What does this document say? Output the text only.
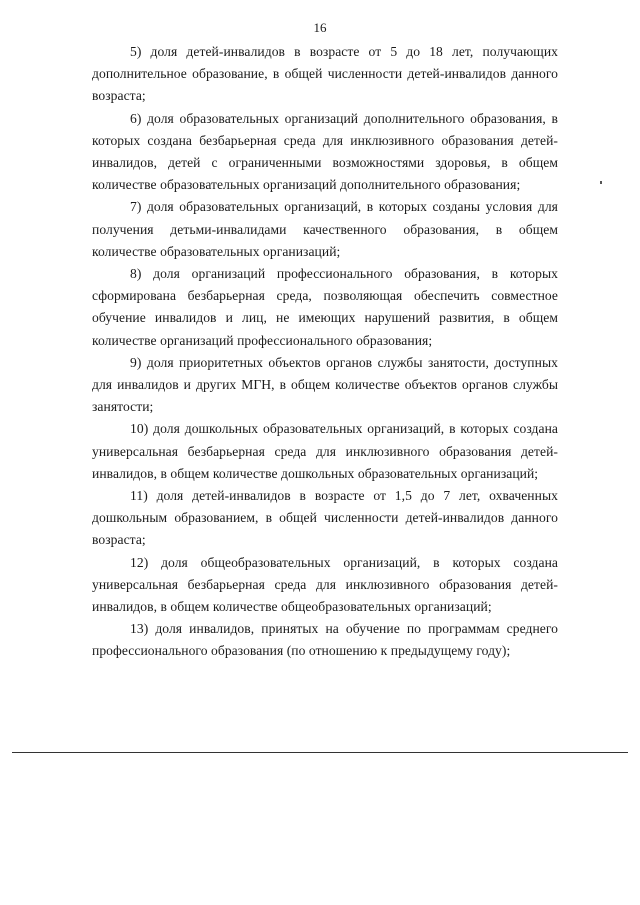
16

5) доля детей-инвалидов в возрасте от 5 до 18 лет, получающих дополнительное образование, в общей численности детей-инвалидов данного возраста;

6) доля образовательных организаций дополнительного образования, в которых создана безбарьерная среда для инклюзивного образования детей-инвалидов, детей с ограниченными возможностями здоровья, в общем количестве образовательных организаций дополнительного образования;

7) доля образовательных организаций, в которых созданы условия для получения детьми-инвалидами качественного образования, в общем количестве образовательных организаций;

8) доля организаций профессионального образования, в которых сформирована безбарьерная среда, позволяющая обеспечить совместное обучение инвалидов и лиц, не имеющих нарушений развития, в общем количестве организаций профессионального образования;

9) доля приоритетных объектов органов службы занятости, доступных для инвалидов и других МГН, в общем количестве объектов органов службы занятости;

10) доля дошкольных образовательных организаций, в которых создана универсальная безбарьерная среда для инклюзивного образования детей-инвалидов, в общем количестве дошкольных образовательных организаций;

11) доля детей-инвалидов в возрасте от 1,5 до 7 лет, охваченных дошкольным образованием, в общей численности детей-инвалидов данного возраста;

12) доля общеобразовательных организаций, в которых создана универсальная безбарьерная среда для инклюзивного образования детей-инвалидов, в общем количестве общеобразовательных организаций;

13) доля инвалидов, принятых на обучение по программам среднего профессионального образования (по отношению к предыдущему году);
